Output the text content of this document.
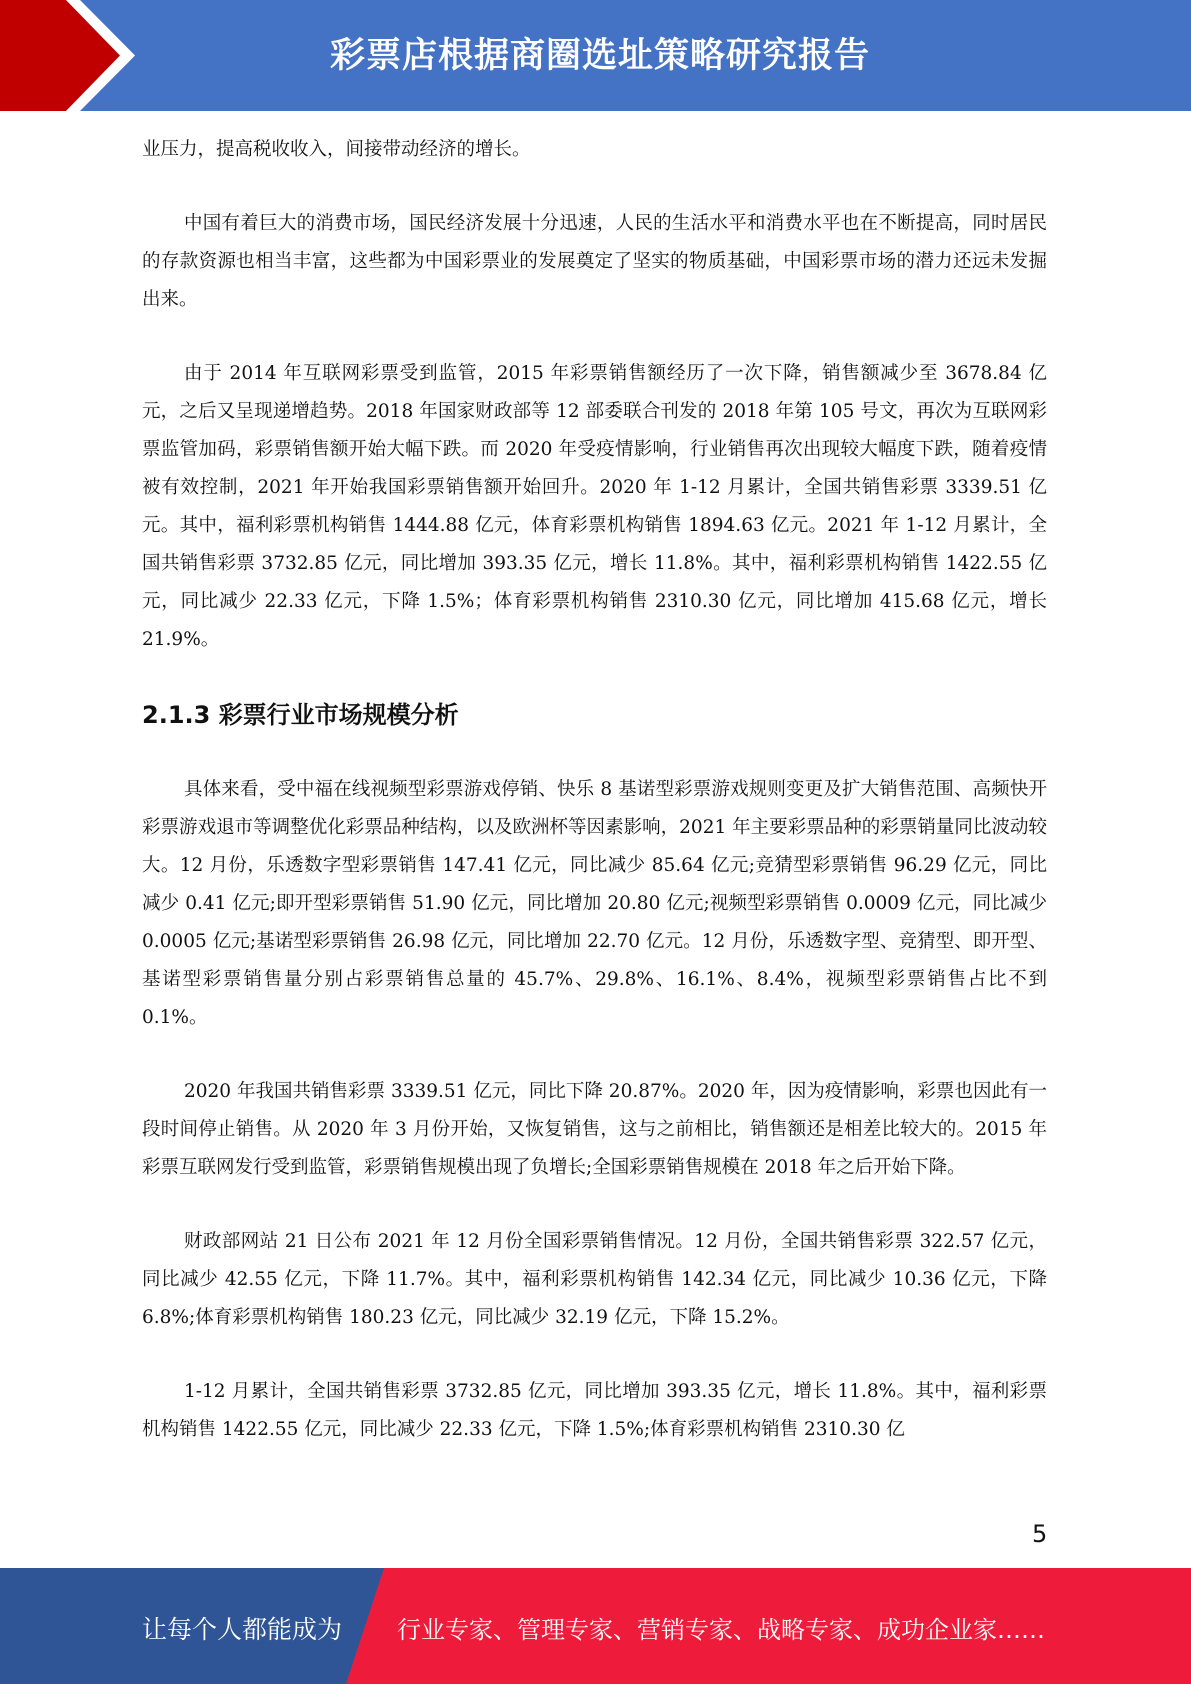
彩票店根据商圈选址策略研究报告

业压力，提高税收收入，间接带动经济的增长。

中国有着巨大的消费市场，国民经济发展十分迅速，人民的生活水平和消费水平也在不断提高，同时居民的存款资源也相当丰富，这些都为中国彩票业的发展奠定了坚实的物质基础，中国彩票市场的潜力还远未发掘出来。

由于 2014 年互联网彩票受到监管，2015 年彩票销售额经历了一次下降，销售额减少至 3678.84 亿元，之后又呈现递增趋势。2018 年国家财政部等 12 部委联合刊发的 2018 年第 105 号文，再次为互联网彩票监管加码，彩票销售额开始大幅下跌。而 2020 年受疫情影响，行业销售再次出现较大幅度下跌，随着疫情被有效控制，2021 年开始我国彩票销售额开始回升。2020 年 1-12 月累计，全国共销售彩票 3339.51 亿元。其中，福利彩票机构销售 1444.88 亿元，体育彩票机构销售 1894.63 亿元。2021 年 1-12 月累计，全国共销售彩票 3732.85 亿元，同比增加 393.35 亿元，增长 11.8%。其中，福利彩票机构销售 1422.55 亿元，同比减少 22.33 亿元，下降 1.5%；体育彩票机构销售 2310.30 亿元，同比增加 415.68 亿元，增长 21.9%。

2.1.3 彩票行业市场规模分析

具体来看，受中福在线视频型彩票游戏停销、快乐 8 基诺型彩票游戏规则变更及扩大销售范围、高频快开彩票游戏退市等调整优化彩票品种结构，以及欧洲杯等因素影响，2021 年主要彩票品种的彩票销量同比波动较大。12 月份，乐透数字型彩票销售 147.41 亿元，同比减少 85.64 亿元;竞猜型彩票销售 96.29 亿元，同比减少 0.41 亿元;即开型彩票销售 51.90 亿元，同比增加 20.80 亿元;视频型彩票销售 0.0009 亿元，同比减少 0.0005 亿元;基诺型彩票销售 26.98 亿元，同比增加 22.70 亿元。12 月份，乐透数字型、竞猜型、即开型、基诺型彩票销售量分别占彩票销售总量的 45.7%、29.8%、16.1%、8.4%，视频型彩票销售占比不到 0.1%。

2020 年我国共销售彩票 3339.51 亿元，同比下降 20.87%。2020 年，因为疫情影响，彩票也因此有一段时间停止销售。从 2020 年 3 月份开始，又恢复销售，这与之前相比，销售额还是相差比较大的。2015 年彩票互联网发行受到监管，彩票销售规模出现了负增长;全国彩票销售规模在 2018 年之后开始下降。

财政部网站 21 日公布 2021 年 12 月份全国彩票销售情况。12 月份，全国共销售彩票 322.57 亿元，同比减少 42.55 亿元，下降 11.7%。其中，福利彩票机构销售 142.34 亿元，同比减少 10.36 亿元，下降 6.8%;体育彩票机构销售 180.23 亿元，同比减少 32.19 亿元，下降 15.2%。

1-12 月累计，全国共销售彩票 3732.85 亿元，同比增加 393.35 亿元，增长 11.8%。其中，福利彩票机构销售 1422.55 亿元，同比减少 22.33 亿元，下降 1.5%;体育彩票机构销售 2310.30 亿

5
让每个人都能成为 行业专家、管理专家、营销专家、战略专家、成功企业家……
